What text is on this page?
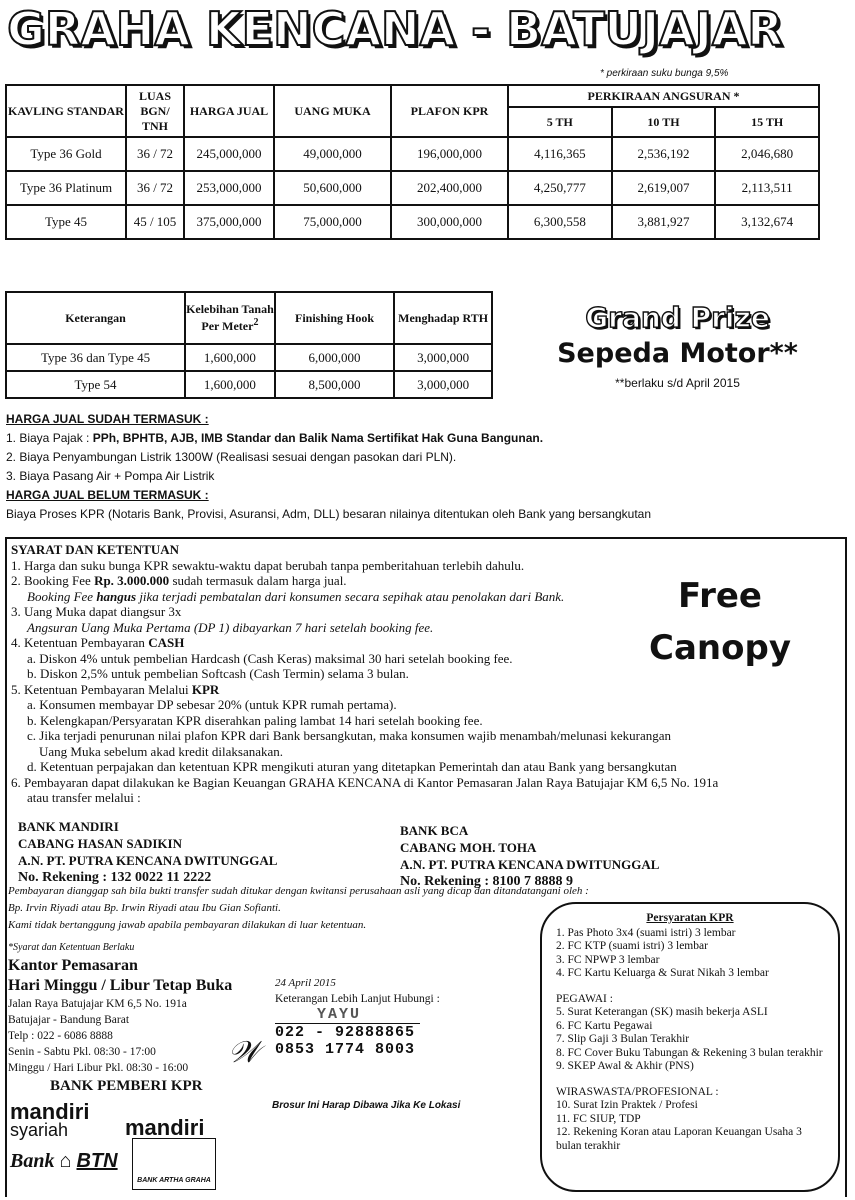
GRAHA KENCANA - BATUJAJAR
* perkiraan suku bunga 9,5%
KAVLING STANDAR	LUAS BGN/ TNH	HARGA JUAL	UANG MUKA	PLAFON KPR	PERKIRAAN ANGSURAN *		
					5 TH	10 TH	15 TH
Type 36 Gold	36 / 72	245,000,000	49,000,000	196,000,000	4,116,365	2,536,192	2,046,680
Type 36 Platinum	36 / 72	253,000,000	50,600,000	202,400,000	4,250,777	2,619,007	2,113,511
Type 45	45 / 105	375,000,000	75,000,000	300,000,000	6,300,558	3,881,927	3,132,674
Keterangan	Kelebihan Tanah Per Meter$^2$	Finishing Hook	Menghadap RTH
Type 36 dan Type 45	1,600,000	6,000,000	3,000,000
Type 54	1,600,000	8,500,000	3,000,000
Grand Prize
Sepeda Motor**
**berlaku s/d April 2015
HARGA JUAL SUDAH TERMASUK :
1. Biaya Pajak : PPh, BPHTB, AJB, IMB Standar dan Balik Nama Sertifikat Hak Guna Bangunan.
2. Biaya Penyambungan Listrik 1300W (Realisasi sesuai dengan pasokan dari PLN).
3. Biaya Pasang Air + Pompa Air Listrik
HARGA JUAL BELUM TERMASUK :
Biaya Proses KPR (Notaris Bank, Provisi, Asuransi, Adm, DLL) besaran nilainya ditentukan oleh Bank yang bersangkutan
SYARAT DAN KETENTUAN
1. Harga dan suku bunga KPR sewaktu-waktu dapat berubah tanpa pemberitahuan terlebih dahulu.
2. Booking Fee Rp. 3.000.000 sudah termasuk dalam harga jual.
Booking Fee hangus jika terjadi pembatalan dari konsumen secara sepihak atau penolakan dari Bank.
3. Uang Muka dapat diangsur 3x
Angsuran Uang Muka Pertama (DP 1) dibayarkan 7 hari setelah booking fee.
4. Ketentuan Pembayaran CASH
a. Diskon 4% untuk pembelian Hardcash (Cash Keras) maksimal 30 hari setelah booking fee.
b. Diskon 2,5% untuk pembelian Softcash (Cash Termin) selama 3 bulan.
5. Ketentuan Pembayaran Melalui KPR
a. Konsumen membayar DP sebesar 20% (untuk KPR rumah pertama).
b. Kelengkapan/Persyaratan KPR diserahkan paling lambat 14 hari setelah booking fee.
c. Jika terjadi penurunan nilai plafon KPR dari Bank bersangkutan, maka konsumen wajib menambah/melunasi kekurangan
Uang Muka sebelum akad kredit dilaksanakan.
d. Ketentuan perpajakan dan ketentuan KPR mengikuti aturan yang ditetapkan Pemerintah dan atau Bank yang bersangkutan
6. Pembayaran dapat dilakukan ke Bagian Keuangan GRAHA KENCANA di Kantor Pemasaran Jalan Raya Batujajar KM 6,5 No. 191a
atau transfer melalui :
Free
Canopy
BANK MANDIRI
CABANG HASAN SADIKIN
A.N. PT. PUTRA KENCANA DWITUNGGAL
No. Rekening : 132 0022 11 2222
BANK BCA
CABANG MOH. TOHA
A.N. PT. PUTRA KENCANA DWITUNGGAL
No. Rekening : 8100 7 8888 9
Pembayaran dianggap sah bila bukti transfer sudah ditukar dengan kwitansi perusahaan asli yang dicap dan ditandatangani oleh :
Bp. Irvin Riyadi atau Bp. Irwin Riyadi atau Ibu Gian Sofianti.
Kami tidak bertanggung jawab apabila pembayaran dilakukan di luar ketentuan.
Persyaratan KPR
1. Pas Photo 3x4 (suami istri) 3 lembar
2. FC KTP (suami istri) 3 lembar
3. FC NPWP 3 lembar
4. FC Kartu Keluarga & Surat Nikah 3 lembar
PEGAWAI :
5. Surat Keterangan (SK) masih bekerja ASLI
6. FC Kartu Pegawai
7. Slip Gaji 3 Bulan Terakhir
8. FC Cover Buku Tabungan & Rekening 3 bulan terakhir
9. SKEP Awal & Akhir (PNS)
WIRASWASTA/PROFESIONAL :
10. Surat Izin Praktek / Profesi
11. FC SIUP, TDP
12. Rekening Koran atau Laporan Keuangan Usaha 3 bulan terakhir
*Syarat dan Ketentuan Berlaku
Kantor Pemasaran
Hari Minggu / Libur Tetap Buka
Jalan Raya Batujajar KM 6,5 No. 191a
Batujajar - Bandung Barat
Telp : 022 - 6086 8888
Senin - Sabtu Pkl. 08:30 - 17:00
Minggu / Hari Libur Pkl. 08:30 - 16:00	𝒲
24 April 2015
Keterangan Lebih Lanjut Hubungi :
YAYU
022 - 92888865
0853 1774 8003
BANK PEMBERI KPR
mandiri
syariah	mandiri
Bank ⌂ BTN
BANK ARTHA GRAHA
Brosur Ini Harap Dibawa Jika Ke Lokasi
